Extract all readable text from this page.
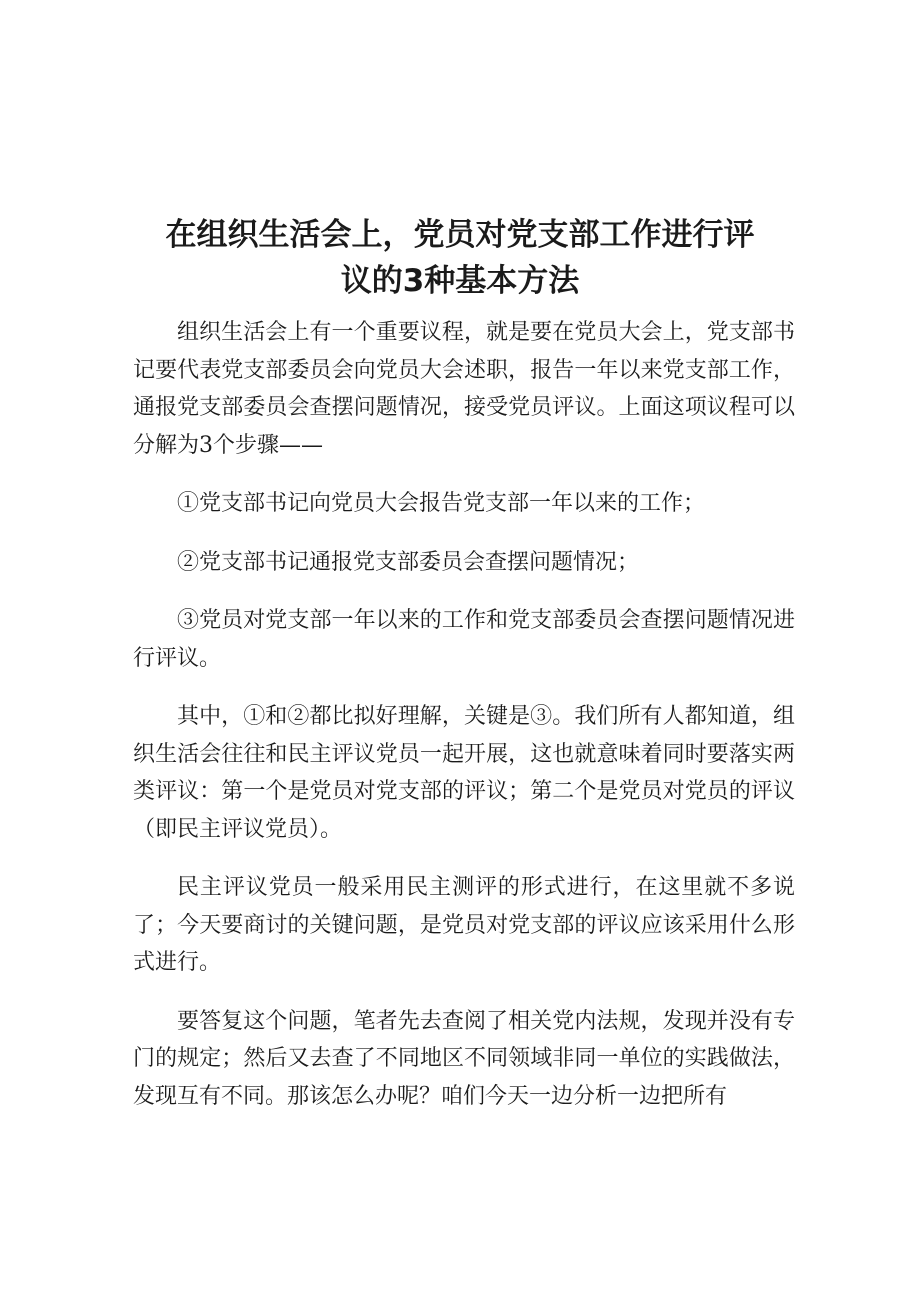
在组织生活会上，党员对党支部工作进行评
议的3种基本方法

组织生活会上有一个重要议程，就是要在党员大会上，党支部书记要代表党支部委员会向党员大会述职，报告一年以来党支部工作，通报党支部委员会查摆问题情况，接受党员评议。上面这项议程可以分解为3个步骤——

①党支部书记向党员大会报告党支部一年以来的工作；

②党支部书记通报党支部委员会查摆问题情况；

③党员对党支部一年以来的工作和党支部委员会查摆问题情况进行评议。

其中，①和②都比拟好理解，关键是③。我们所有人都知道，组织生活会往往和民主评议党员一起开展，这也就意味着同时要落实两类评议：第一个是党员对党支部的评议；第二个是党员对党员的评议（即民主评议党员）。

民主评议党员一般采用民主测评的形式进行，在这里就不多说了；今天要商讨的关键问题，是党员对党支部的评议应该采用什么形式进行。

要答复这个问题，笔者先去查阅了相关党内法规，发现并没有专门的规定；然后又去查了不同地区不同领域非同一单位的实践做法，发现互有不同。那该怎么办呢？咱们今天一边分析一边把所有
